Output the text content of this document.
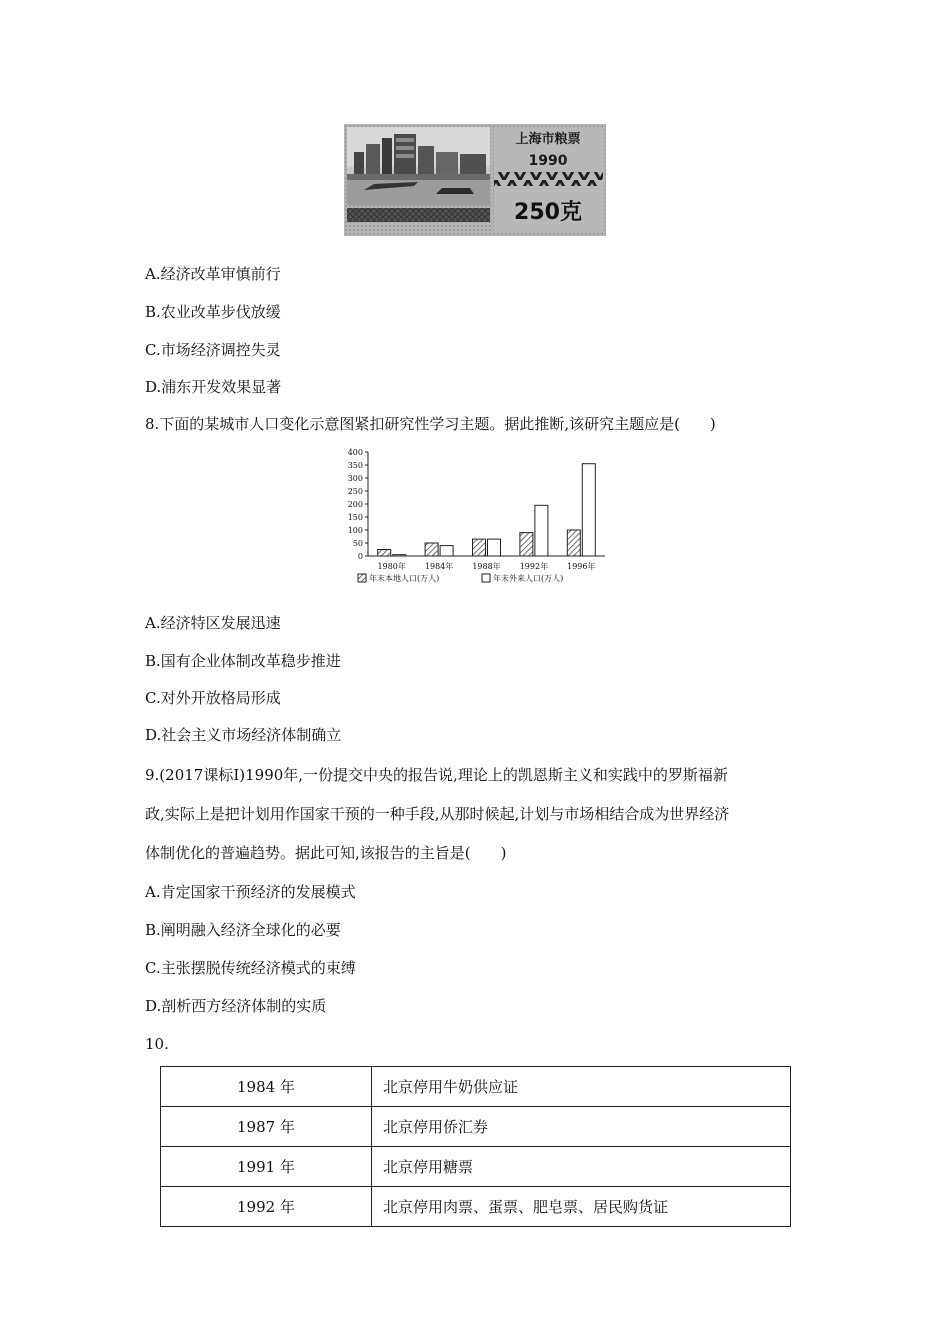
上海市粮票
1990
250克
A.经济改革审慎前行
B.农业改革步伐放缓
C.市场经济调控失灵
D.浦东开发效果显著
8.下面的某城市人口变化示意图紧扣研究性学习主题。据此推断,该研究主题应是(　　)
0
50
100
150
200
250
300
350
400
1980年 1984年 1988年 1992年 1996年
年末本地人口(万人)	年末外来人口(万人)
A.经济特区发展迅速
B.国有企业体制改革稳步推进
C.对外开放格局形成
D.社会主义市场经济体制确立
9.(2017课标Ⅰ)1990年,一份提交中央的报告说,理论上的凯恩斯主义和实践中的罗斯福新
政,实际上是把计划用作国家干预的一种手段,从那时候起,计划与市场相结合成为世界经济
体制优化的普遍趋势。据此可知,该报告的主旨是(　　)
A.肯定国家干预经济的发展模式
B.阐明融入经济全球化的必要
C.主张摆脱传统经济模式的束缚
D.剖析西方经济体制的实质
10.
1984 年	北京停用牛奶供应证
1987 年	北京停用侨汇券
1991 年	北京停用糖票
1992 年	北京停用肉票、蛋票、肥皂票、居民购货证
